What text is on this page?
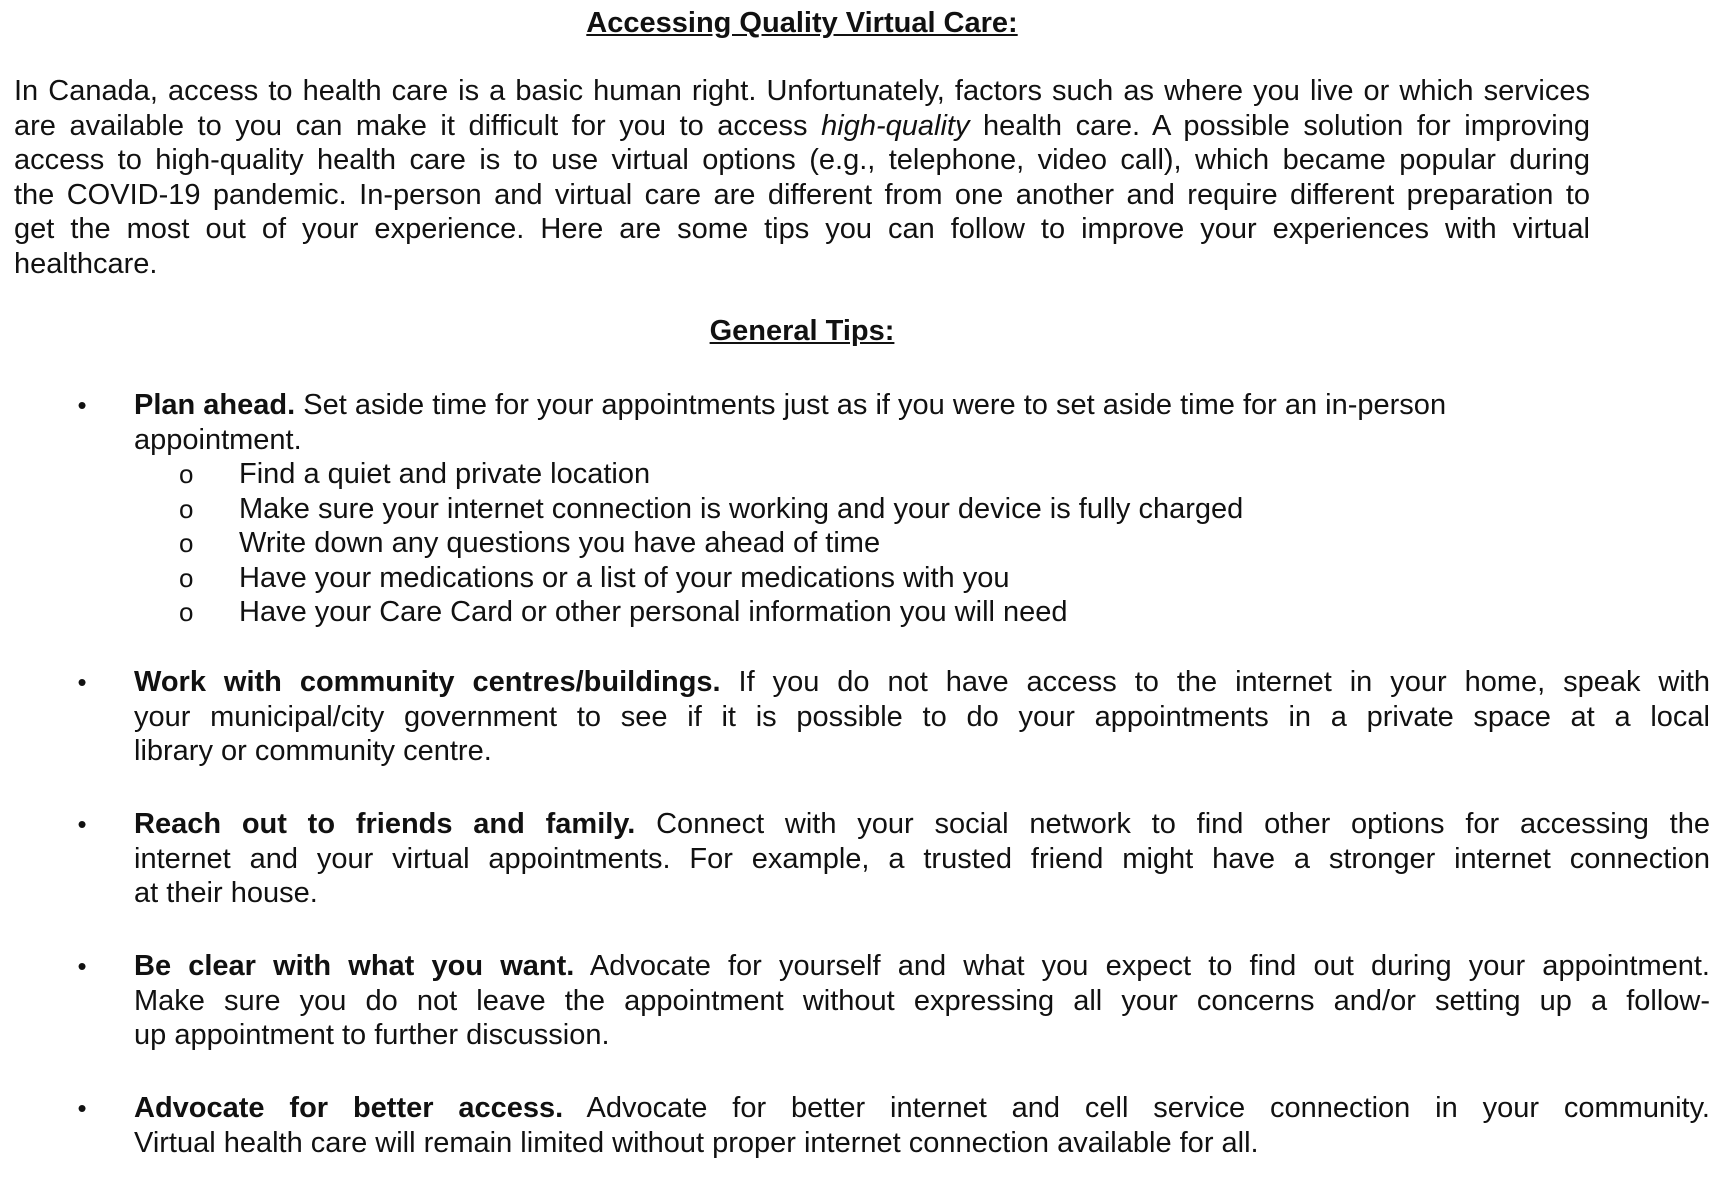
Accessing Quality Virtual Care:
In Canada, access to health care is a basic human right. Unfortunately, factors such as where you live or which services
are available to you can make it difficult for you to access high-quality health care. A possible solution for improving
access to high-quality health care is to use virtual options (e.g., telephone, video call), which became popular during
the COVID-19 pandemic. In-person and virtual care are different from one another and require different preparation to
get the most out of your experience. Here are some tips you can follow to improve your experiences with virtual
healthcare.
General Tips:
• Plan ahead. Set aside time for your appointments just as if you were to set aside time for an in-person
appointment.
o Find a quiet and private location
o Make sure your internet connection is working and your device is fully charged
o Write down any questions you have ahead of time
o Have your medications or a list of your medications with you
o Have your Care Card or other personal information you will need
• Work with community centres/buildings. If you do not have access to the internet in your home, speak with
your municipal/city government to see if it is possible to do your appointments in a private space at a local
library or community centre.
• Reach out to friends and family. Connect with your social network to find other options for accessing the
internet and your virtual appointments. For example, a trusted friend might have a stronger internet connection
at their house.
• Be clear with what you want. Advocate for yourself and what you expect to find out during your appointment.
Make sure you do not leave the appointment without expressing all your concerns and/or setting up a follow-
up appointment to further discussion.
• Advocate for better access. Advocate for better internet and cell service connection in your community.
Virtual health care will remain limited without proper internet connection available for all.
